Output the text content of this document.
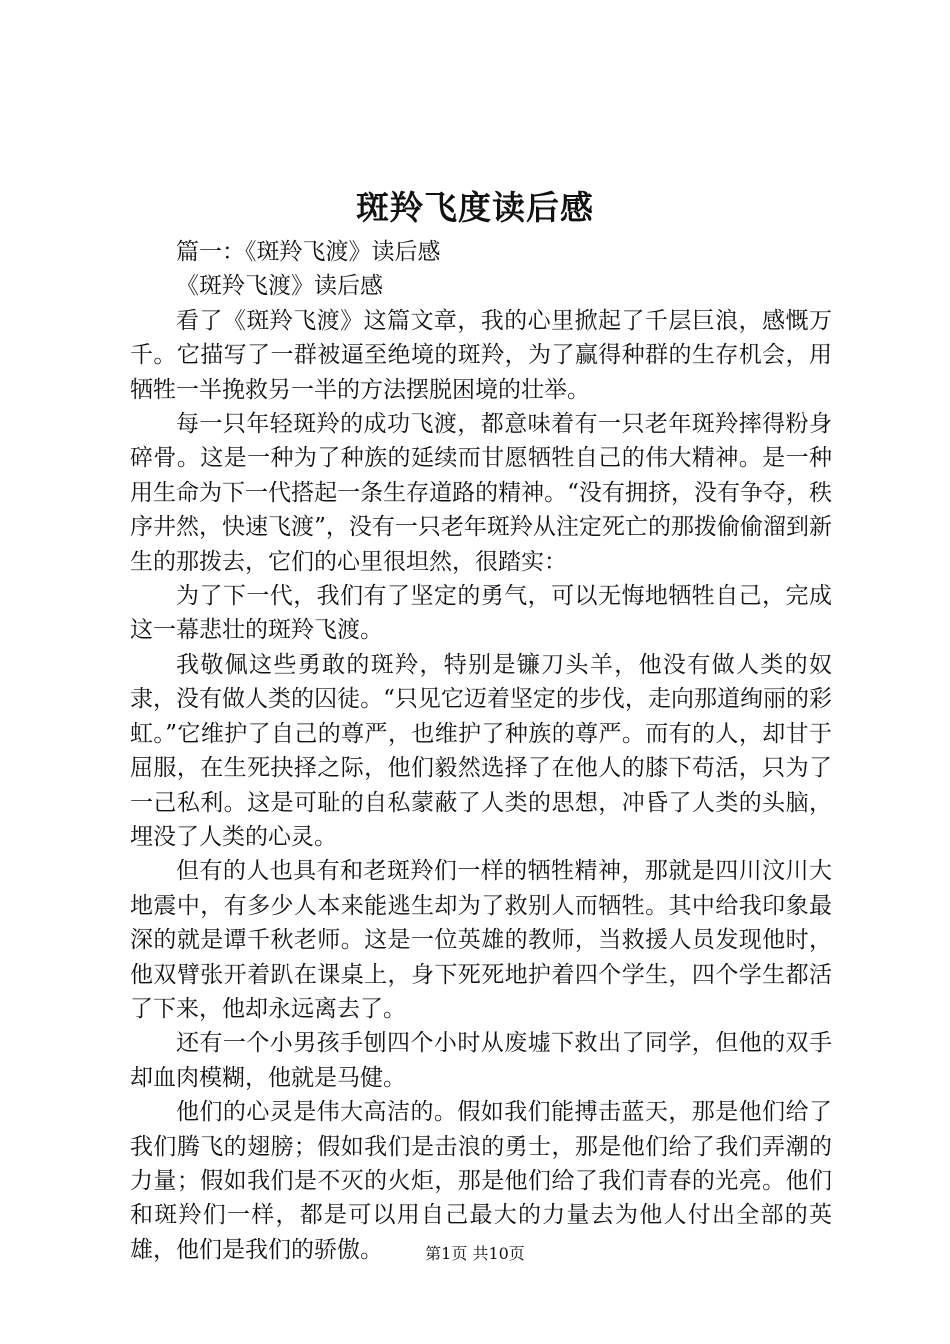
斑羚飞度读后感

篇一：《斑羚飞渡》读后感

《斑羚飞渡》读后感

看了《斑羚飞渡》这篇文章，我的心里掀起了千层巨浪，感慨万千。它描写了一群被逼至绝境的斑羚，为了赢得种群的生存机会，用牺牲一半挽救另一半的方法摆脱困境的壮举。

每一只年轻斑羚的成功飞渡，都意味着有一只老年斑羚摔得粉身碎骨。这是一种为了种族的延续而甘愿牺牲自己的伟大精神。是一种用生命为下一代搭起一条生存道路的精神。“没有拥挤，没有争夺，秩序井然，快速飞渡”，没有一只老年斑羚从注定死亡的那拨偷偷溜到新生的那拨去，它们的心里很坦然，很踏实：

为了下一代，我们有了坚定的勇气，可以无悔地牺牲自己，完成这一幕悲壮的斑羚飞渡。

我敬佩这些勇敢的斑羚，特别是镰刀头羊，他没有做人类的奴隶，没有做人类的囚徒。“只见它迈着坚定的步伐，走向那道绚丽的彩虹。”它维护了自己的尊严，也维护了种族的尊严。而有的人，却甘于屈服，在生死抉择之际，他们毅然选择了在他人的膝下苟活，只为了一己私利。这是可耻的自私蒙蔽了人类的思想，冲昏了人类的头脑，埋没了人类的心灵。

但有的人也具有和老斑羚们一样的牺牲精神，那就是四川汶川大地震中，有多少人本来能逃生却为了救别人而牺牲。其中给我印象最深的就是谭千秋老师。这是一位英雄的教师，当救援人员发现他时，他双臂张开着趴在课桌上，身下死死地护着四个学生，四个学生都活了下来，他却永远离去了。

还有一个小男孩手刨四个小时从废墟下救出了同学，但他的双手却血肉模糊，他就是马健。

他们的心灵是伟大高洁的。假如我们能搏击蓝天，那是他们给了我们腾飞的翅膀；假如我们是击浪的勇士，那是他们给了我们弄潮的力量；假如我们是不灭的火炬，那是他们给了我们青春的光亮。他们和斑羚们一样，都是可以用自己最大的力量去为他人付出全部的英雄，他们是我们的骄傲。	第1页 共10页
